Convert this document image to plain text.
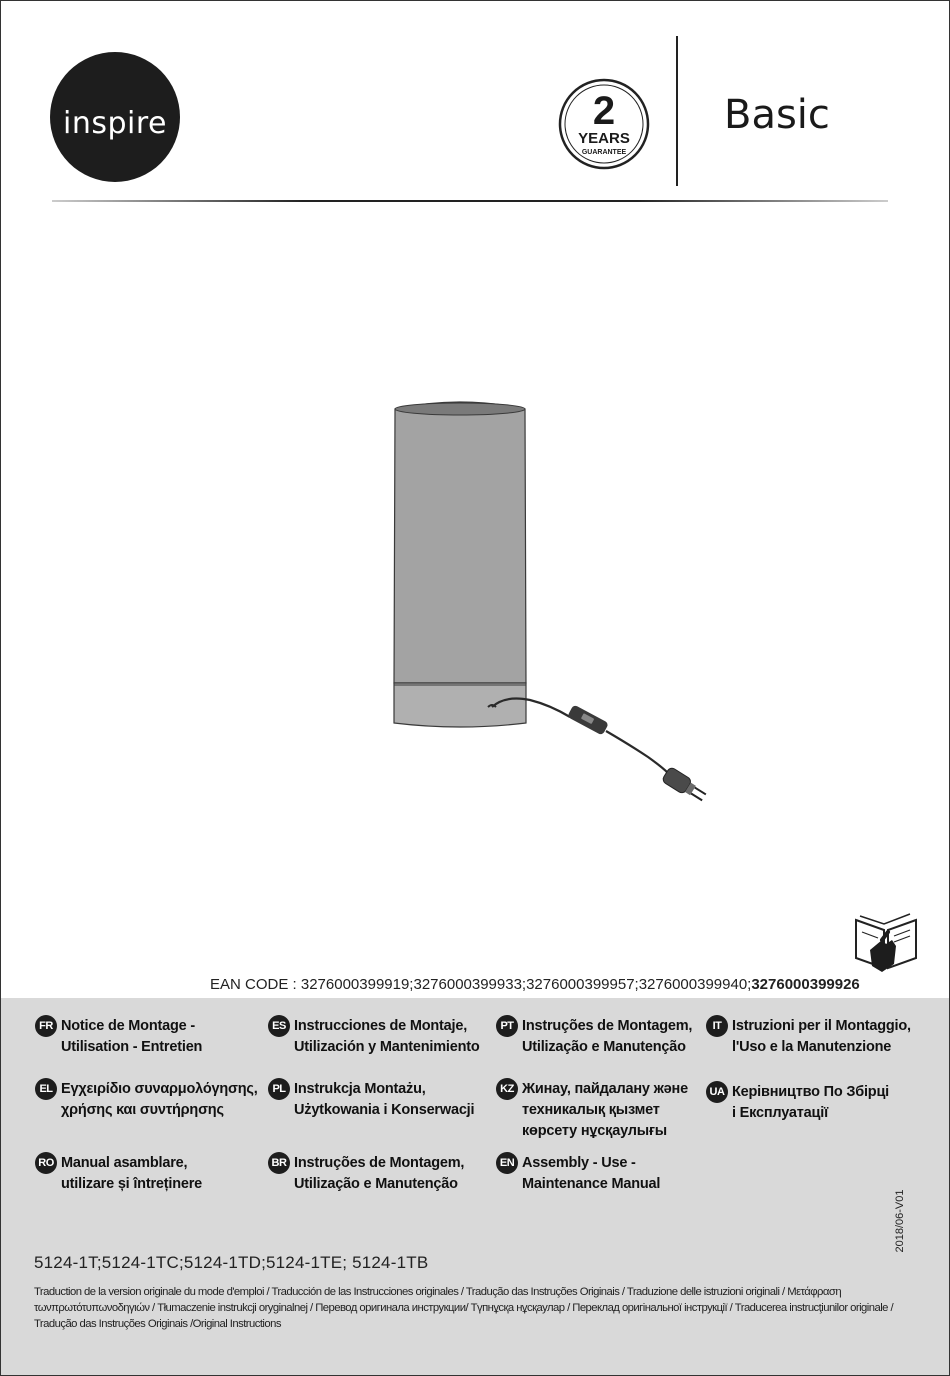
inspire	2
YEARS
GUARANTEE
Basic
EAN CODE : 3276000399919;3276000399933;3276000399957;3276000399940;3276000399926
FR Notice de Montage -
Utilisation - Entretien
ES Instrucciones de Montaje,
Utilización y Mantenimiento
PT Instruções de Montagem,
Utilização e Manutenção
IT Istruzioni per il Montaggio,
l'Uso e la Manutenzione
EL Εγχειρίδιο συναρμολόγησης,
χρήσης και συντήρησης
PL Instrukcja Montażu,
Użytkowania i Konserwacji
KZ Жинау, пайдалану және
техникалық қызмет
көрсету нұсқаулығы
UA Керівництво По Збірці
і Експлуатації
RO Manual asamblare,
utilizare și întreținere
BR Instruções de Montagem,
Utilização e Manutenção
EN Assembly - Use -
Maintenance Manual
2018/06-V01
5124-1T;5124-1TC;5124-1TD;5124-1TE; 5124-1TB
Traduction de la version originale du mode d'emploi / Traducción de las Instrucciones originales / Tradução das Instruções Originais / Traduzione delle istruzioni originali / Μετάφραση τωνπρωτότυπωνοδηγιών / Tłumaczenie instrukcji oryginalnej / Перевод оригинала инструкции/ Түпнұсқа нұсқаулар / Переклад оригінальної інструкції / Traducerea instrucţiunilor originale / Tradução das Instruções Originais /Original Instructions
